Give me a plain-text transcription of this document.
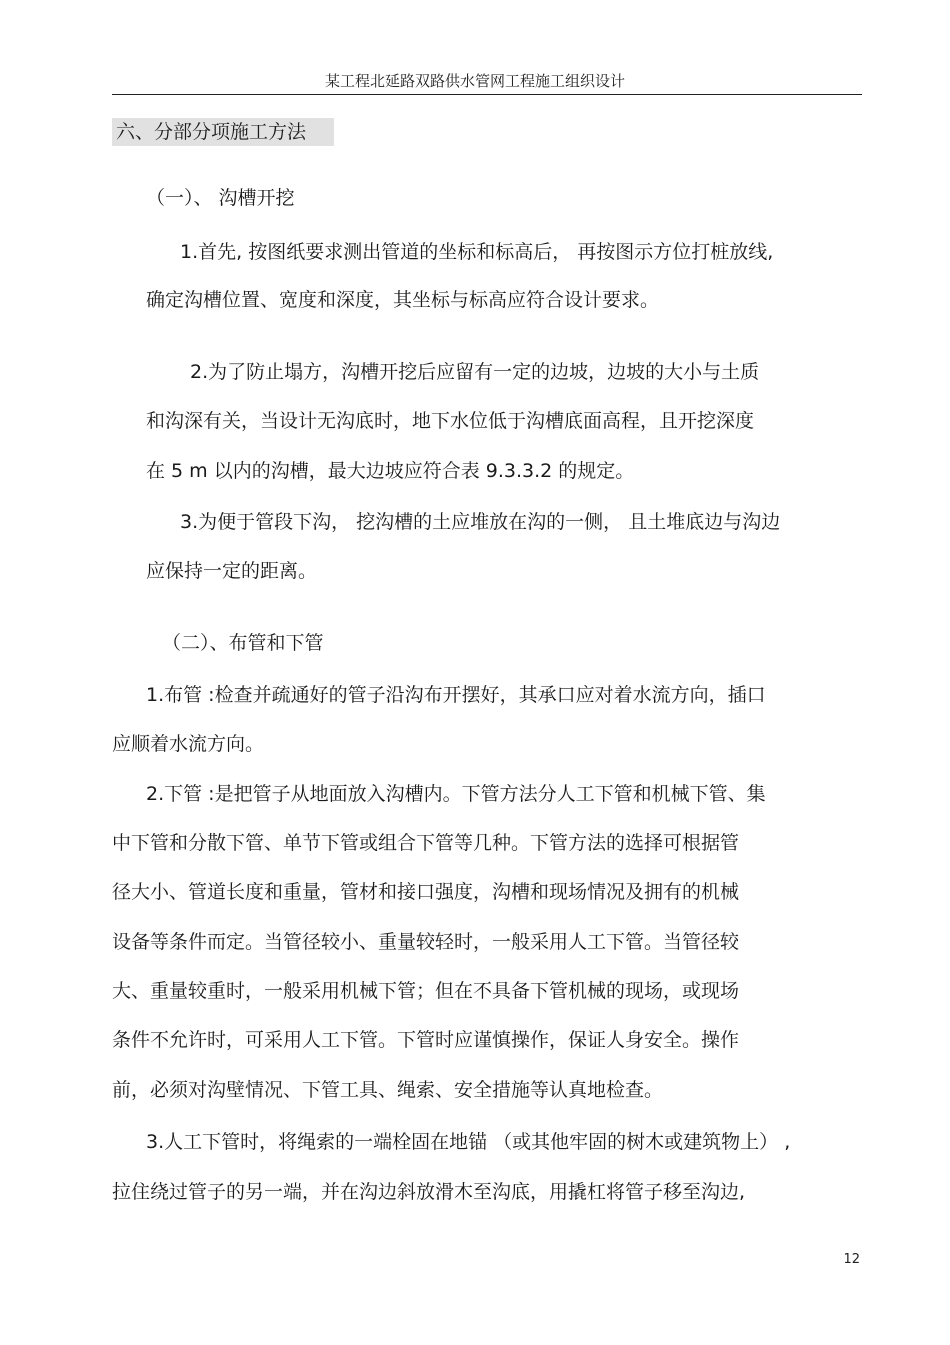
某工程北延路双路供水管网工程施工组织设计
六、分部分项施工方法
（一）、 沟槽开挖
1.首先, 按图纸要求测出管道的坐标和标高后， 再按图示方位打桩放线,
确定沟槽位置、宽度和深度，其坐标与标高应符合设计要求。
2.为了防止塌方，沟槽开挖后应留有一定的边坡，边坡的大小与土质
和沟深有关，当设计无沟底时，地下水位低于沟槽底面高程，且开挖深度
在 5 m 以内的沟槽，最大边坡应符合表 9.3.3.2 的规定。
3.为便于管段下沟， 挖沟槽的土应堆放在沟的一侧， 且土堆底边与沟边
应保持一定的距离。
（二）、布管和下管
1.布管 :检查并疏通好的管子沿沟布开摆好，其承口应对着水流方向，插口
应顺着水流方向。
2.下管 :是把管子从地面放入沟槽内。下管方法分人工下管和机械下管、集
中下管和分散下管、单节下管或组合下管等几种。下管方法的选择可根据管
径大小、管道长度和重量，管材和接口强度，沟槽和现场情况及拥有的机械
设备等条件而定。当管径较小、重量较轻时，一般采用人工下管。当管径较
大、重量较重时，一般采用机械下管；但在不具备下管机械的现场，或现场
条件不允许时，可采用人工下管。下管时应谨慎操作，保证人身安全。操作
前，必须对沟壁情况、下管工具、绳索、安全措施等认真地检查。
3.人工下管时，将绳索的一端栓固在地锚 （或其他牢固的树木或建筑物上） ,
拉住绕过管子的另一端，并在沟边斜放滑木至沟底，用撬杠将管子移至沟边,
12
